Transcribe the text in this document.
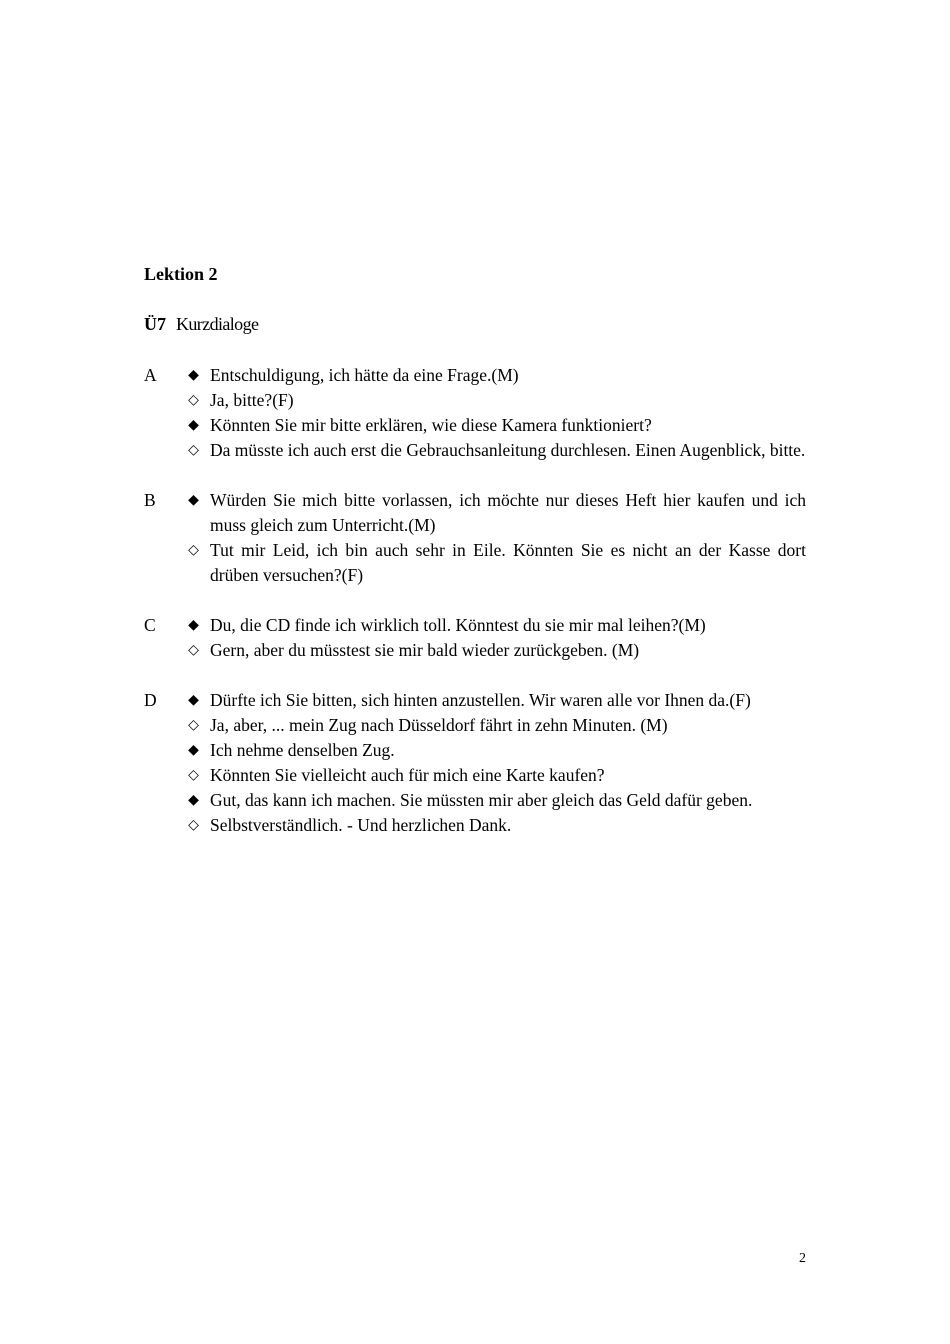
Lektion 2
Ü7 Kurzdialoge
A	◆ Entschuldigung, ich hätte da eine Frage.(M)
◇ Ja, bitte?(F)
◆ Könnten Sie mir bitte erklären, wie diese Kamera funktioniert?
◇ Da müsste ich auch erst die Gebrauchsanleitung durchlesen. Einen Augenblick, bitte.
B	◆ Würden Sie mich bitte vorlassen, ich möchte nur dieses Heft hier kaufen und ich muss gleich zum Unterricht.(M)
◇ Tut mir Leid, ich bin auch sehr in Eile. Könnten Sie es nicht an der Kasse dort drüben versuchen?(F)
C	◆ Du, die CD finde ich wirklich toll. Könntest du sie mir mal leihen?(M)
◇ Gern, aber du müsstest sie mir bald wieder zurückgeben. (M)
D	◆ Dürfte ich Sie bitten, sich hinten anzustellen. Wir waren alle vor Ihnen da.(F)
◇ Ja, aber, ... mein Zug nach Düsseldorf fährt in zehn Minuten. (M)
◆ Ich nehme denselben Zug.
◇ Könnten Sie vielleicht auch für mich eine Karte kaufen?
◆ Gut, das kann ich machen. Sie müssten mir aber gleich das Geld dafür geben.
◇ Selbstverständlich. - Und herzlichen Dank.
2
